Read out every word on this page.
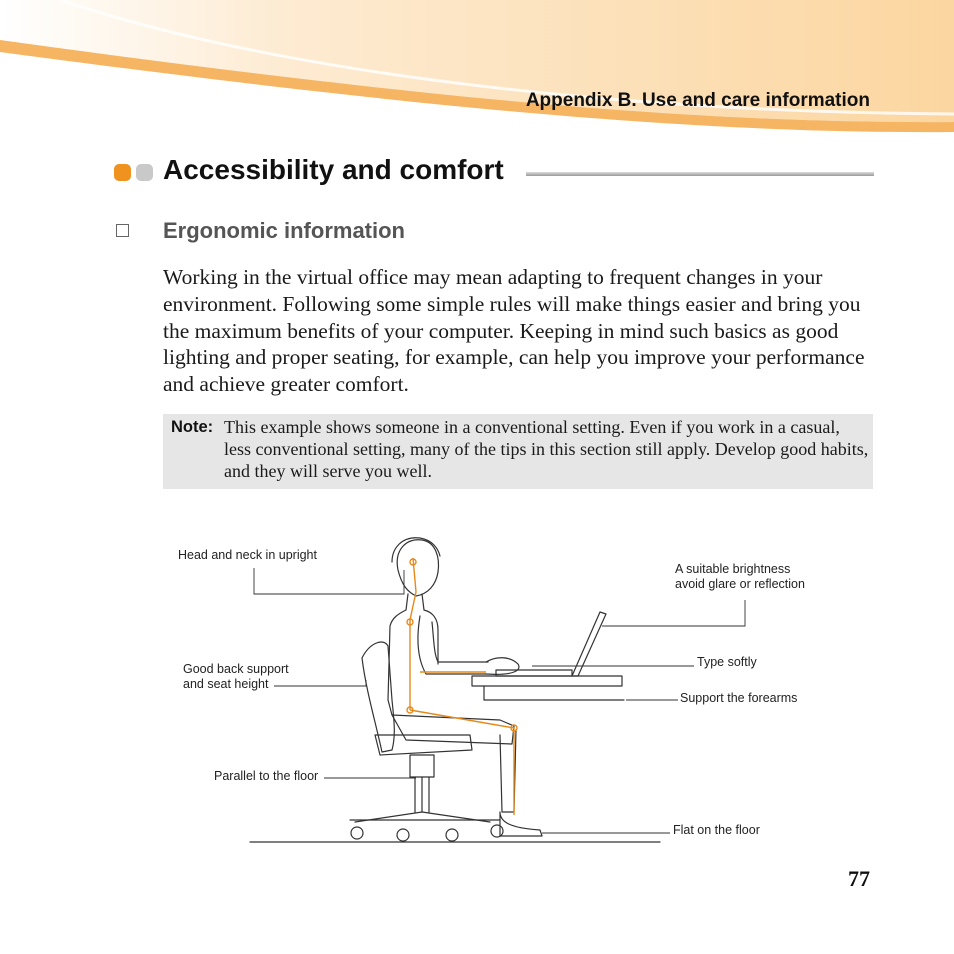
Appendix B. Use and care information
Accessibility and comfort
Ergonomic information

Working in the virtual office may mean adapting to frequent changes in your environment. Following some simple rules will make things easier and bring you the maximum benefits of your computer. Keeping in mind such basics as good lighting and proper seating, for example, can help you improve your performance and achieve greater comfort.

Note: This example shows someone in a conventional setting. Even if you work in a casual, less conventional setting, many of the tips in this section still apply. Develop good habits, and they will serve you well.

Head and neck in upright
Good back support
and seat height
Parallel to the floor
A suitable brightness
avoid glare or reflection
Type softly
Support the forearms
Flat on the floor
77
